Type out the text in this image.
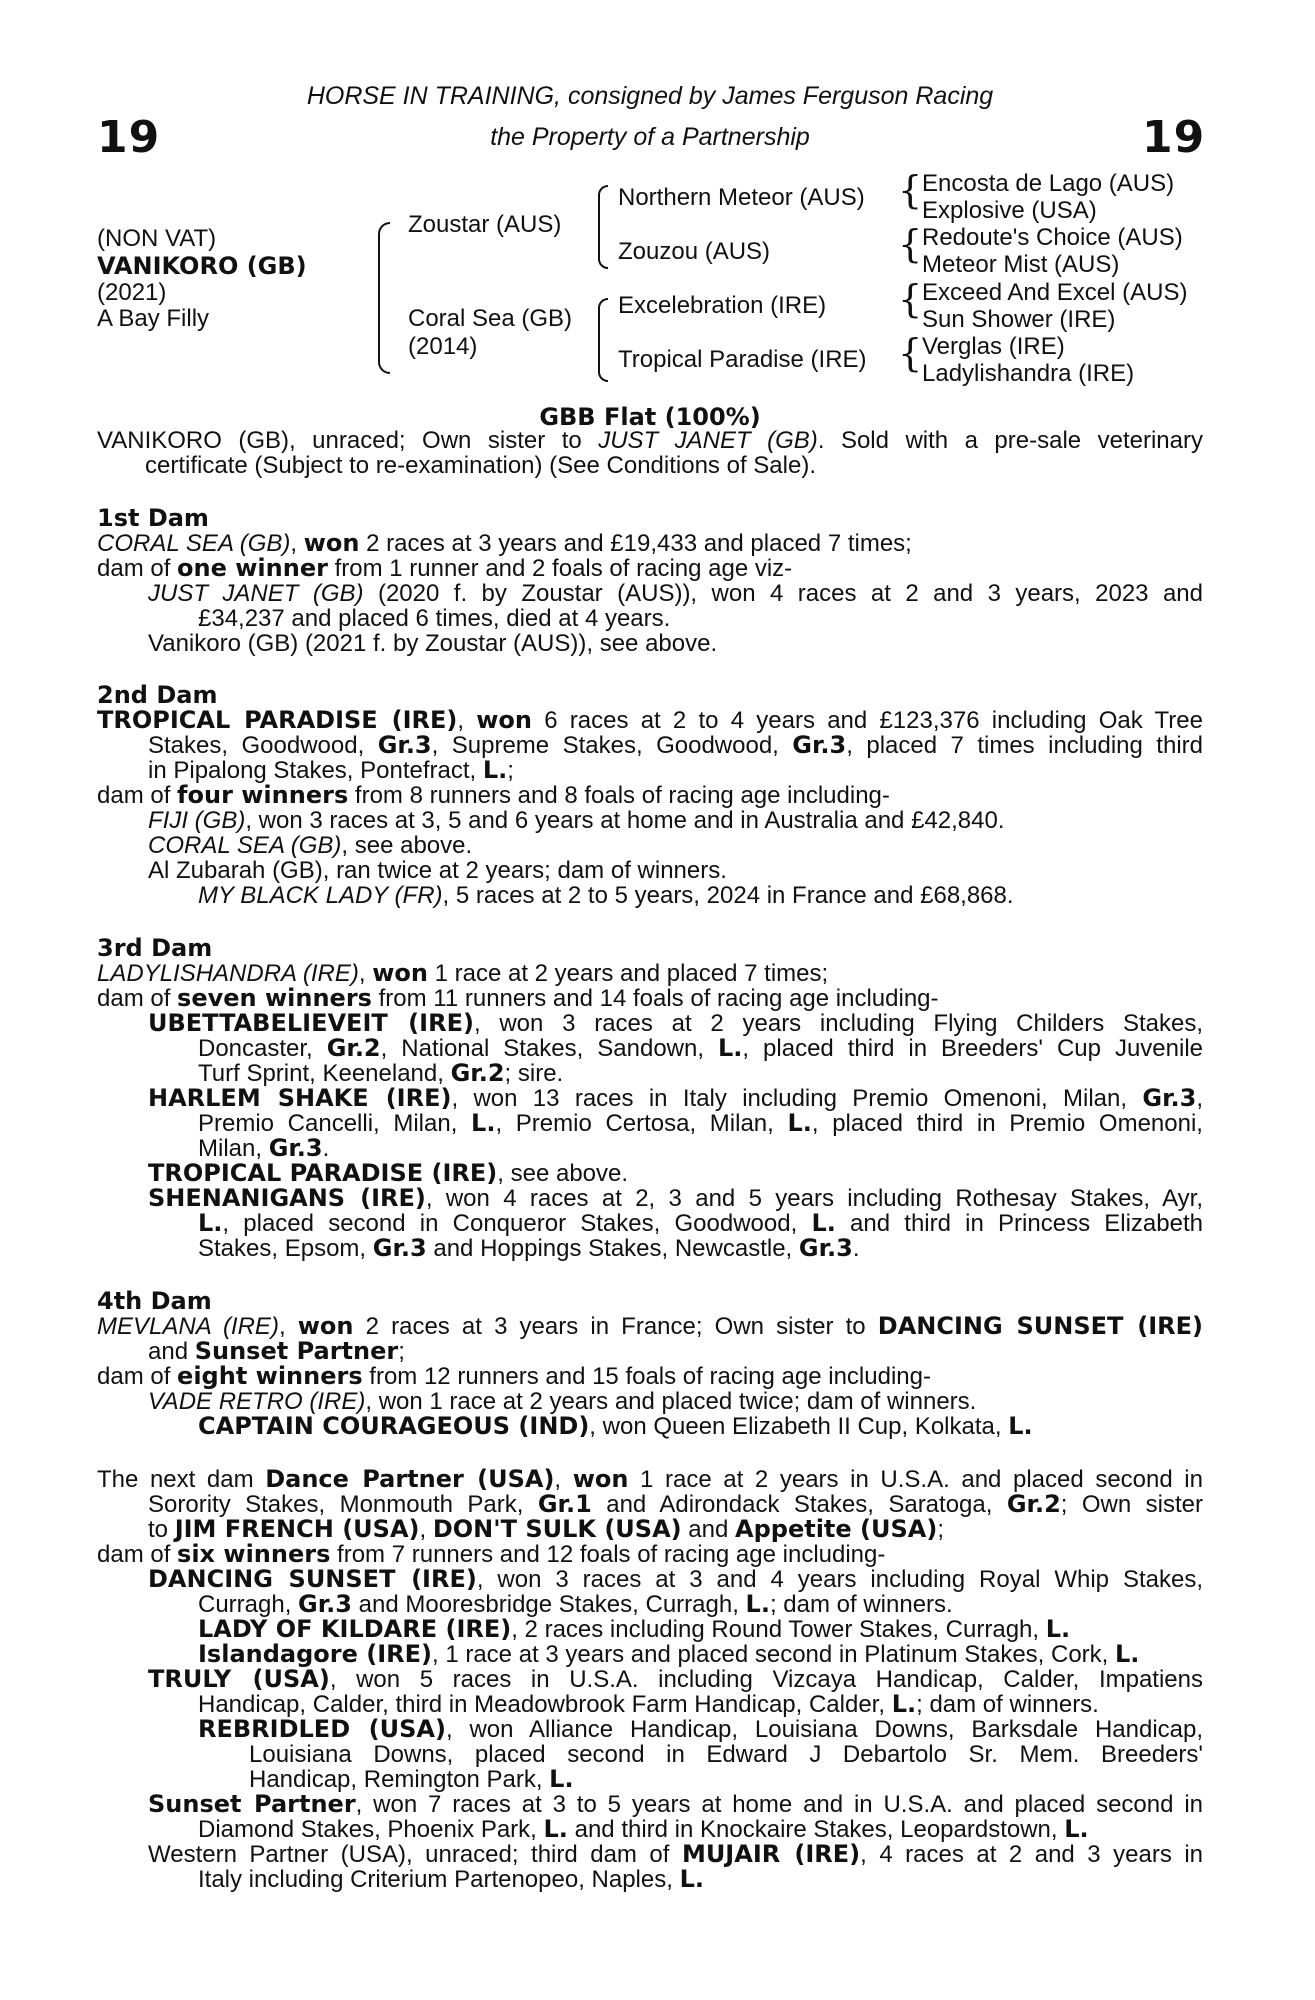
19	19
HORSE IN TRAINING, consigned by James Ferguson Racing
the Property of a Partnership
(NON VAT)
VANIKORO (GB)
(2021)
A Bay Filly
{
{
{
{
Zoustar (AUS)
Coral Sea (GB)
(2014)
Northern Meteor (AUS)
Zouzou (AUS)
Excelebration (IRE)
Tropical Paradise (IRE)
Encosta de Lago (AUS)
Explosive (USA)
Redoute's Choice (AUS)
Meteor Mist (AUS)
Exceed And Excel (AUS)
Sun Shower (IRE)
Verglas (IRE)
Ladylishandra (IRE)
GBB Flat (100%)
VANIKORO (GB), unraced; Own sister to JUST JANET (GB). Sold with a pre-sale veterinary
certificate (Subject to re-examination) (See Conditions of Sale).
1st Dam
CORAL SEA (GB), won 2 races at 3 years and £19,433 and placed 7 times;
dam of one winner from 1 runner and 2 foals of racing age viz-
JUST JANET (GB) (2020 f. by Zoustar (AUS)), won 4 races at 2 and 3 years, 2023 and
£34,237 and placed 6 times, died at 4 years.
Vanikoro (GB) (2021 f. by Zoustar (AUS)), see above.
2nd Dam
TROPICAL PARADISE (IRE), won 6 races at 2 to 4 years and £123,376 including Oak Tree
Stakes, Goodwood, Gr.3, Supreme Stakes, Goodwood, Gr.3, placed 7 times including third
in Pipalong Stakes, Pontefract, L.;
dam of four winners from 8 runners and 8 foals of racing age including-
FIJI (GB), won 3 races at 3, 5 and 6 years at home and in Australia and £42,840.
CORAL SEA (GB), see above.
Al Zubarah (GB), ran twice at 2 years; dam of winners.
MY BLACK LADY (FR), 5 races at 2 to 5 years, 2024 in France and £68,868.
3rd Dam
LADYLISHANDRA (IRE), won 1 race at 2 years and placed 7 times;
dam of seven winners from 11 runners and 14 foals of racing age including-
UBETTABELIEVEIT (IRE), won 3 races at 2 years including Flying Childers Stakes,
Doncaster, Gr.2, National Stakes, Sandown, L., placed third in Breeders' Cup Juvenile
Turf Sprint, Keeneland, Gr.2; sire.
HARLEM SHAKE (IRE), won 13 races in Italy including Premio Omenoni, Milan, Gr.3,
Premio Cancelli, Milan, L., Premio Certosa, Milan, L., placed third in Premio Omenoni,
Milan, Gr.3.
TROPICAL PARADISE (IRE), see above.
SHENANIGANS (IRE), won 4 races at 2, 3 and 5 years including Rothesay Stakes, Ayr,
L., placed second in Conqueror Stakes, Goodwood, L. and third in Princess Elizabeth
Stakes, Epsom, Gr.3 and Hoppings Stakes, Newcastle, Gr.3.
4th Dam
MEVLANA (IRE), won 2 races at 3 years in France; Own sister to DANCING SUNSET (IRE)
and Sunset Partner;
dam of eight winners from 12 runners and 15 foals of racing age including-
VADE RETRO (IRE), won 1 race at 2 years and placed twice; dam of winners.
CAPTAIN COURAGEOUS (IND), won Queen Elizabeth II Cup, Kolkata, L.
The next dam Dance Partner (USA), won 1 race at 2 years in U.S.A. and placed second in
Sorority Stakes, Monmouth Park, Gr.1 and Adirondack Stakes, Saratoga, Gr.2; Own sister
to JIM FRENCH (USA), DON'T SULK (USA) and Appetite (USA);
dam of six winners from 7 runners and 12 foals of racing age including-
DANCING SUNSET (IRE), won 3 races at 3 and 4 years including Royal Whip Stakes,
Curragh, Gr.3 and Mooresbridge Stakes, Curragh, L.; dam of winners.
LADY OF KILDARE (IRE), 2 races including Round Tower Stakes, Curragh, L.
Islandagore (IRE), 1 race at 3 years and placed second in Platinum Stakes, Cork, L.
TRULY (USA), won 5 races in U.S.A. including Vizcaya Handicap, Calder, Impatiens
Handicap, Calder, third in Meadowbrook Farm Handicap, Calder, L.; dam of winners.
REBRIDLED (USA), won Alliance Handicap, Louisiana Downs, Barksdale Handicap,
Louisiana Downs, placed second in Edward J Debartolo Sr. Mem. Breeders'
Handicap, Remington Park, L.
Sunset Partner, won 7 races at 3 to 5 years at home and in U.S.A. and placed second in
Diamond Stakes, Phoenix Park, L. and third in Knockaire Stakes, Leopardstown, L.
Western Partner (USA), unraced; third dam of MUJAIR (IRE), 4 races at 2 and 3 years in
Italy including Criterium Partenopeo, Naples, L.
